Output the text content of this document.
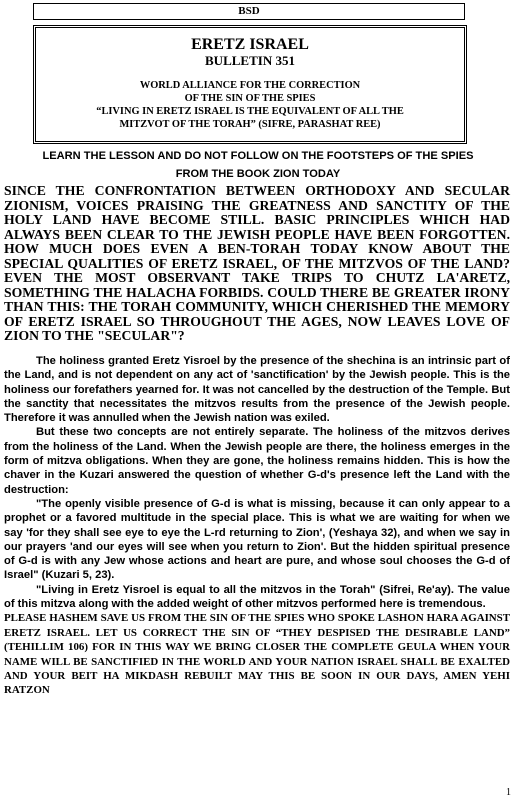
BSD
ERETZ ISRAEL
BULLETIN 351
WORLD ALLIANCE FOR THE CORRECTION
OF THE SIN OF THE SPIES
“LIVING IN ERETZ ISRAEL IS THE EQUIVALENT OF ALL THE
MITZVOT OF THE TORAH” (SIFRE, PARASHAT REE)
LEARN THE LESSON AND DO NOT FOLLOW ON THE FOOTSTEPS OF THE SPIES
FROM THE BOOK ZION TODAY

SINCE THE CONFRONTATION BETWEEN ORTHODOXY AND SECULAR ZIONISM, VOICES PRAISING THE GREATNESS AND SANCTITY OF THE HOLY LAND HAVE BECOME STILL. BASIC PRINCIPLES WHICH HAD ALWAYS BEEN CLEAR TO THE JEWISH PEOPLE HAVE BEEN FORGOTTEN. HOW MUCH DOES EVEN A BEN-TORAH TODAY KNOW ABOUT THE SPECIAL QUALITIES OF ERETZ ISRAEL, OF THE MITZVOS OF THE LAND? EVEN THE MOST OBSERVANT TAKE TRIPS TO CHUTZ LA'ARETZ, SOMETHING THE HALACHA FORBIDS. COULD THERE BE GREATER IRONY THAN THIS: THE TORAH COMMUNITY, WHICH CHERISHED THE MEMORY OF ERETZ ISRAEL SO THROUGHOUT THE AGES, NOW LEAVES LOVE OF ZION TO THE "SECULAR"?

The holiness granted Eretz Yisroel by the presence of the shechina is an intrinsic part of the Land, and is not dependent on any act of 'sanctification' by the Jewish people. This is the holiness our forefathers yearned for. It was not cancelled by the destruction of the Temple. But the sanctity that necessitates the mitzvos results from the presence of the Jewish people. Therefore it was annulled when the Jewish nation was exiled.

But these two concepts are not entirely separate. The holiness of the mitzvos derives from the holiness of the Land. When the Jewish people are there, the holiness emerges in the form of mitzva obligations. When they are gone, the holiness remains hidden. This is how the chaver in the Kuzari answered the question of whether G-d's presence left the Land with the destruction:

"The openly visible presence of G-d is what is missing, because it can only appear to a prophet or a favored multitude in the special place. This is what we are waiting for when we say 'for they shall see eye to eye the L-rd returning to Zion', (Yeshaya 32), and when we say in our prayers 'and our eyes will see when you return to Zion'. But the hidden spiritual presence of G-d is with any Jew whose actions and heart are pure, and whose soul chooses the G-d of Israel" (Kuzari 5, 23).

"Living in Eretz Yisroel is equal to all the mitzvos in the Torah" (Sifrei, Re'ay). The value of this mitzva along with the added weight of other mitzvos performed here is tremendous.

PLEASE HASHEM SAVE US FROM THE SIN OF THE SPIES WHO SPOKE LASHON HARA AGAINST ERETZ ISRAEL. LET US CORRECT THE SIN OF “THEY DESPISED THE DESIRABLE LAND” (TEHILLIM 106) FOR IN THIS WAY WE BRING CLOSER THE COMPLETE GEULA WHEN YOUR NAME WILL BE SANCTIFIED IN THE WORLD AND YOUR NATION ISRAEL SHALL BE EXALTED AND YOUR BEIT HA MIKDASH REBUILT MAY THIS BE SOON IN OUR DAYS, AMEN YEHI RATZON

1
